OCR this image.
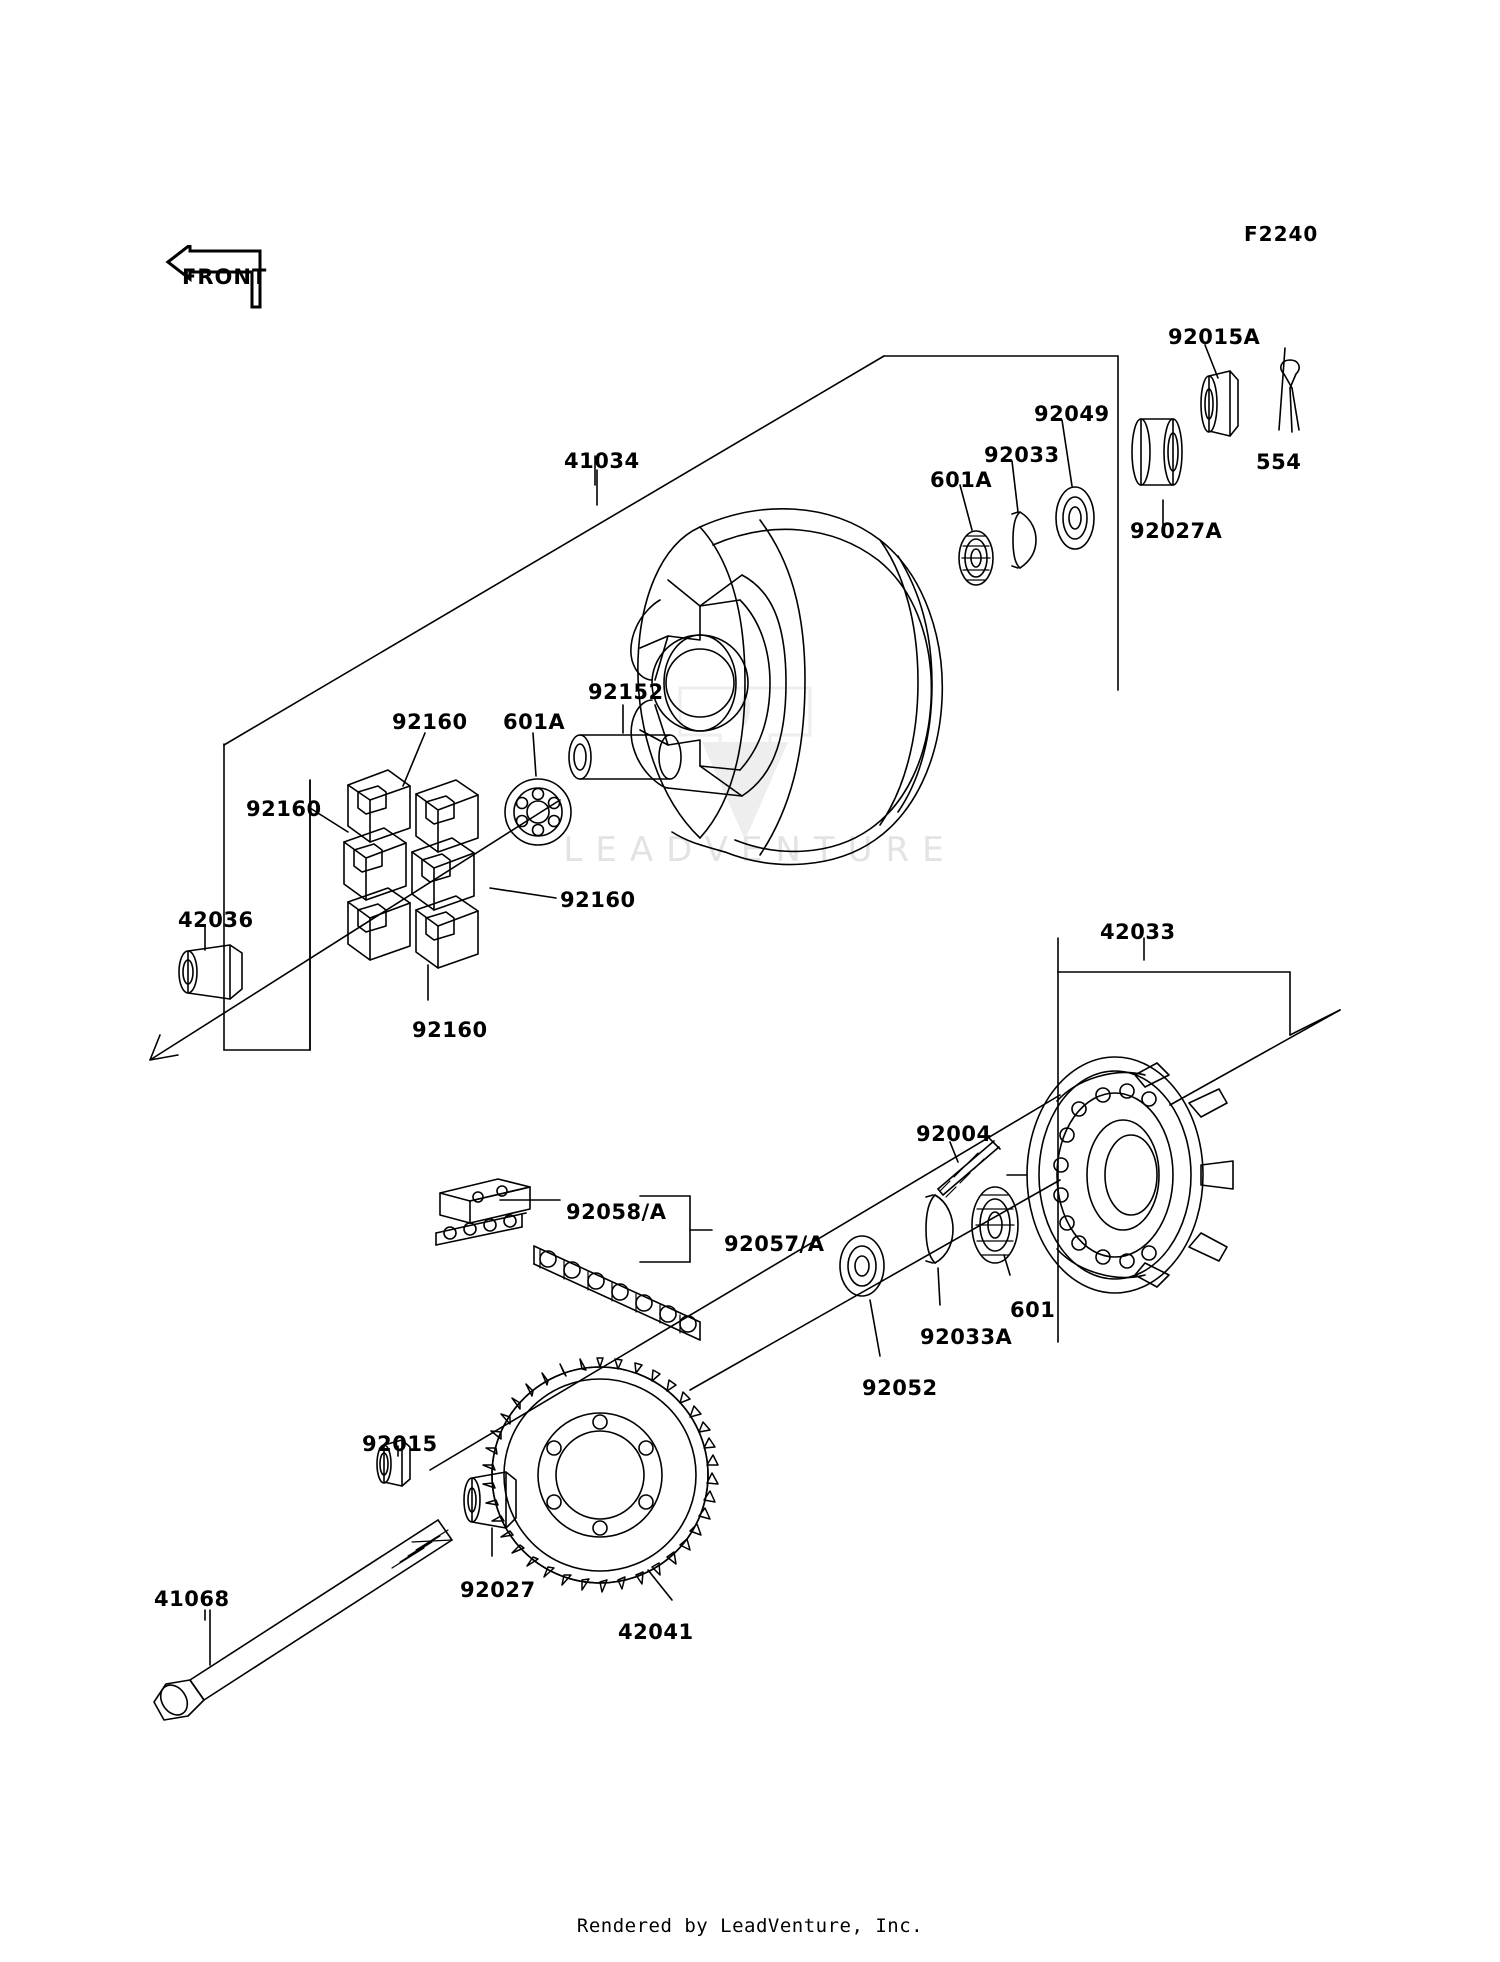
LEADVENTURE
FRONT
F2240
92015A
92049
92033
601A
554
92027A
41034
92152
92160 601A
92160
92160
92160
42036	42033
92004
92058/A
92057/A
601
92033A
92052
92015
92027
41068
42041
Rendered by LeadVenture, Inc.
